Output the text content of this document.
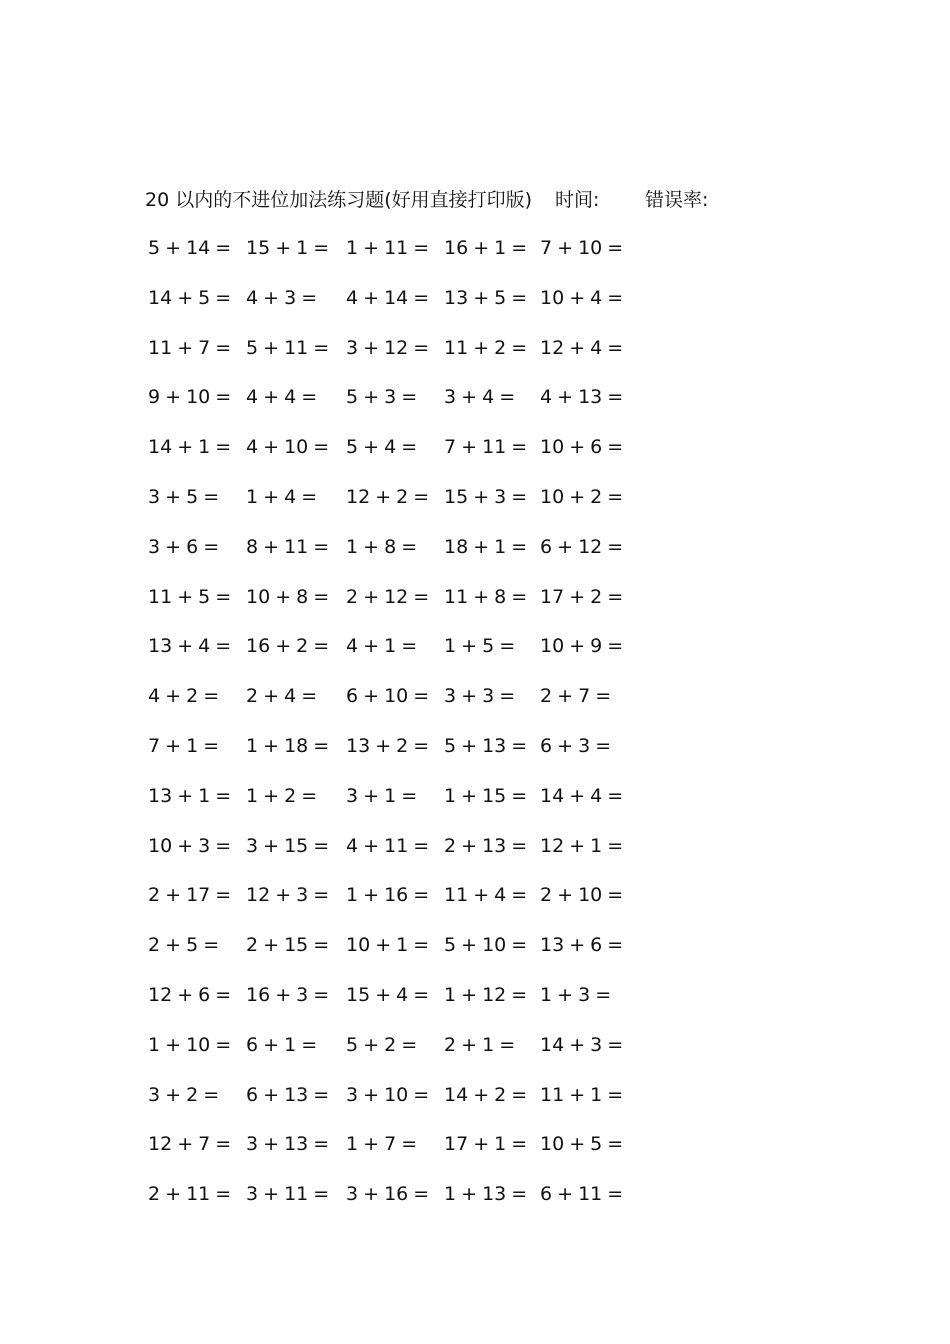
20 以内的不进位加法练习题(好用直接打印版) 时间: 错误率:
5 + 14 = 15 + 1 = 1 + 11 = 16 + 1 = 7 + 10 =
14 + 5 = 4 + 3 = 4 + 14 = 13 + 5 = 10 + 4 =
11 + 7 = 5 + 11 = 3 + 12 = 11 + 2 = 12 + 4 =
9 + 10 = 4 + 4 = 5 + 3 = 3 + 4 = 4 + 13 =
14 + 1 = 4 + 10 = 5 + 4 = 7 + 11 = 10 + 6 =
3 + 5 = 1 + 4 = 12 + 2 = 15 + 3 = 10 + 2 =
3 + 6 = 8 + 11 = 1 + 8 = 18 + 1 = 6 + 12 =
11 + 5 = 10 + 8 = 2 + 12 = 11 + 8 = 17 + 2 =
13 + 4 = 16 + 2 = 4 + 1 = 1 + 5 = 10 + 9 =
4 + 2 = 2 + 4 = 6 + 10 = 3 + 3 = 2 + 7 =
7 + 1 = 1 + 18 = 13 + 2 = 5 + 13 = 6 + 3 =
13 + 1 = 1 + 2 = 3 + 1 = 1 + 15 = 14 + 4 =
10 + 3 = 3 + 15 = 4 + 11 = 2 + 13 = 12 + 1 =
2 + 17 = 12 + 3 = 1 + 16 = 11 + 4 = 2 + 10 =
2 + 5 = 2 + 15 = 10 + 1 = 5 + 10 = 13 + 6 =
12 + 6 = 16 + 3 = 15 + 4 = 1 + 12 = 1 + 3 =
1 + 10 = 6 + 1 = 5 + 2 = 2 + 1 = 14 + 3 =
3 + 2 = 6 + 13 = 3 + 10 = 14 + 2 = 11 + 1 =
12 + 7 = 3 + 13 = 1 + 7 = 17 + 1 = 10 + 5 =
2 + 11 = 3 + 11 = 3 + 16 = 1 + 13 = 6 + 11 =
